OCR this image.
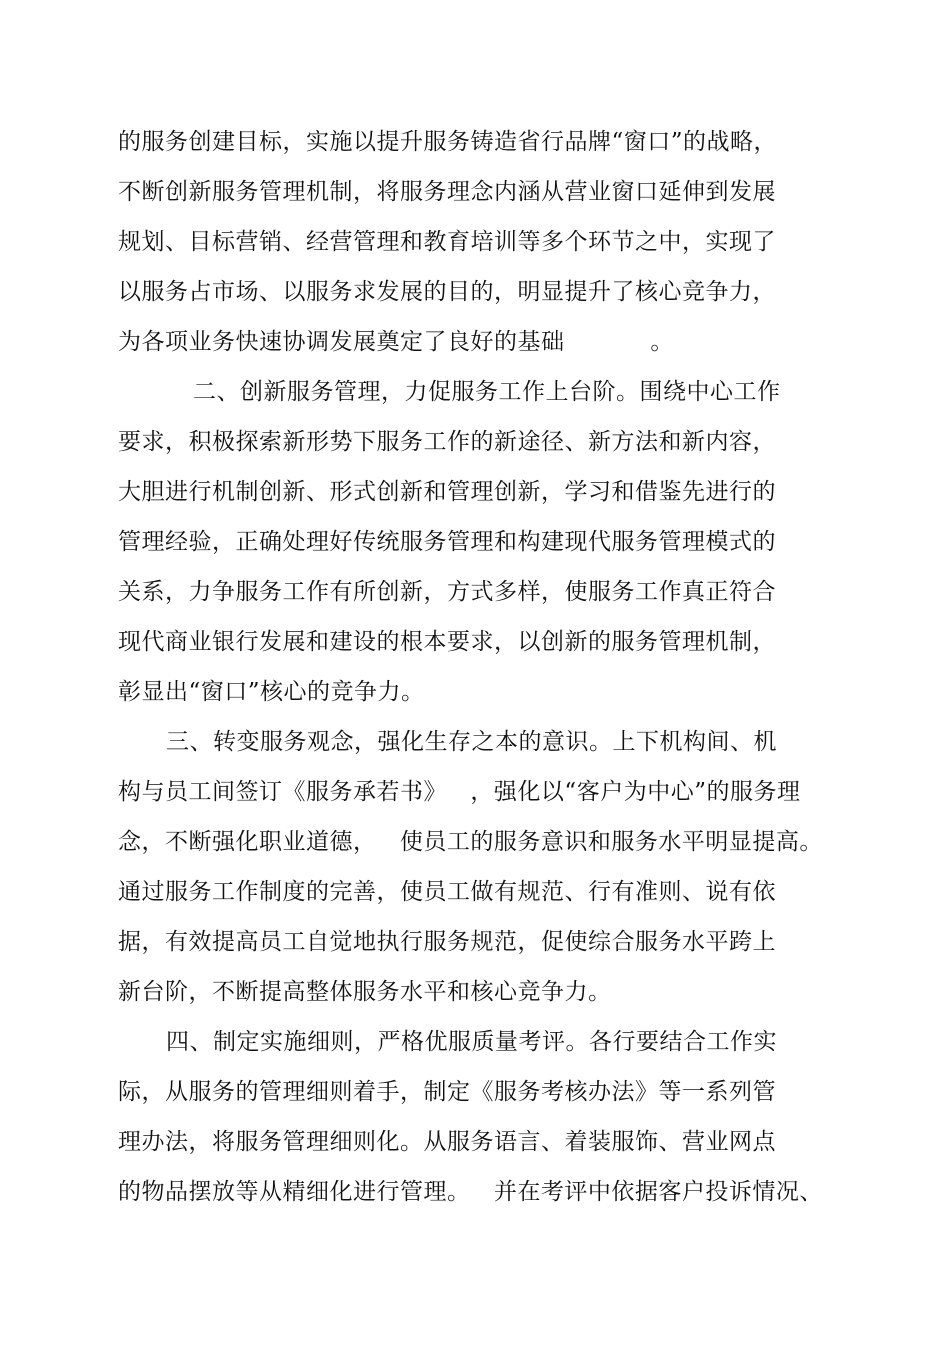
的服务创建目标，实施以提升服务铸造省行品牌“窗口”的战略，
不断创新服务管理机制，将服务理念内涵从营业窗口延伸到发展
规划、目标营销、经营管理和教育培训等多个环节之中，实现了
以服务占市场、以服务求发展的目的，明显提升了核心竞争力，
为各项业务快速协调发展奠定了良好的基础           。
二、创新服务管理，力促服务工作上台阶。围绕中心工作
要求，积极探索新形势下服务工作的新途径、新方法和新内容，
大胆进行机制创新、形式创新和管理创新，学习和借鉴先进行的
管理经验，正确处理好传统服务管理和构建现代服务管理模式的
关系，力争服务工作有所创新，方式多样，使服务工作真正符合
现代商业银行发展和建设的根本要求，以创新的服务管理机制，
彰显出“窗口”核心的竞争力。
三、转变服务观念，强化生存之本的意识。上下机构间、机
构与员工间签订《服务承若书》   ，强化以“客户为中心”的服务理
念，不断强化职业道德，   使员工的服务意识和服务水平明显提高。
通过服务工作制度的完善，使员工做有规范、行有准则、说有依
据，有效提高员工自觉地执行服务规范，促使综合服务水平跨上
新台阶，不断提高整体服务水平和核心竞争力。
四、制定实施细则，严格优服质量考评。各行要结合工作实
际，从服务的管理细则着手，制定《服务考核办法》等一系列管
理办法，将服务管理细则化。从服务语言、着装服饰、营业网点
的物品摆放等从精细化进行管理。   并在考评中依据客户投诉情况、
